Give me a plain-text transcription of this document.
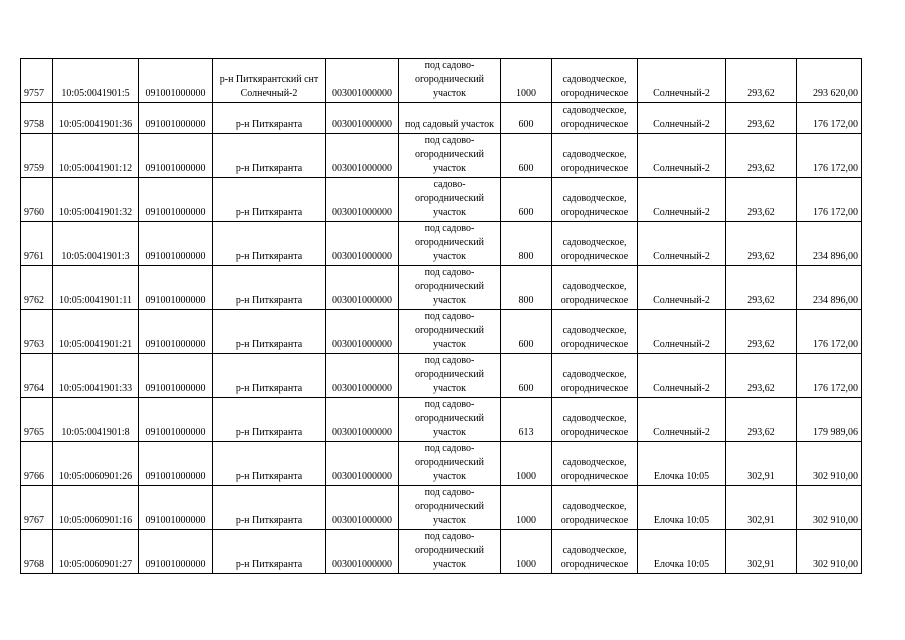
9757	10:05:0041901:5	091001000000	р-н Питкярантский снт Солнечный-2	003001000000	под садово-огороднический участок	1000	садоводческое, огородническое	Солнечный-2	293,62	293 620,00
9758	10:05:0041901:36	091001000000	р-н Питкяранта	003001000000	под садовый участок	600	садоводческое, огородническое	Солнечный-2	293,62	176 172,00
9759	10:05:0041901:12	091001000000	р-н Питкяранта	003001000000	под садово-огороднический участок	600	садоводческое, огородническое	Солнечный-2	293,62	176 172,00
9760	10:05:0041901:32	091001000000	р-н Питкяранта	003001000000	садово-огороднический участок	600	садоводческое, огородническое	Солнечный-2	293,62	176 172,00
9761	10:05:0041901:3	091001000000	р-н Питкяранта	003001000000	под садово-огороднический участок	800	садоводческое, огородническое	Солнечный-2	293,62	234 896,00
9762	10:05:0041901:11	091001000000	р-н Питкяранта	003001000000	под садово-огороднический участок	800	садоводческое, огородническое	Солнечный-2	293,62	234 896,00
9763	10:05:0041901:21	091001000000	р-н Питкяранта	003001000000	под садово-огороднический участок	600	садоводческое, огородническое	Солнечный-2	293,62	176 172,00
9764	10:05:0041901:33	091001000000	р-н Питкяранта	003001000000	под садово-огороднический участок	600	садоводческое, огородническое	Солнечный-2	293,62	176 172,00
9765	10:05:0041901:8	091001000000	р-н Питкяранта	003001000000	под садово-огороднический участок	613	садоводческое, огородническое	Солнечный-2	293,62	179 989,06
9766	10:05:0060901:26	091001000000	р-н Питкяранта	003001000000	под садово-огороднический участок	1000	садоводческое, огородническое	Елочка 10:05	302,91	302 910,00
9767	10:05:0060901:16	091001000000	р-н Питкяранта	003001000000	под садово-огороднический участок	1000	садоводческое, огородническое	Елочка 10:05	302,91	302 910,00
9768	10:05:0060901:27	091001000000	р-н Питкяранта	003001000000	под садово-огороднический участок	1000	садоводческое, огородническое	Елочка 10:05	302,91	302 910,00
